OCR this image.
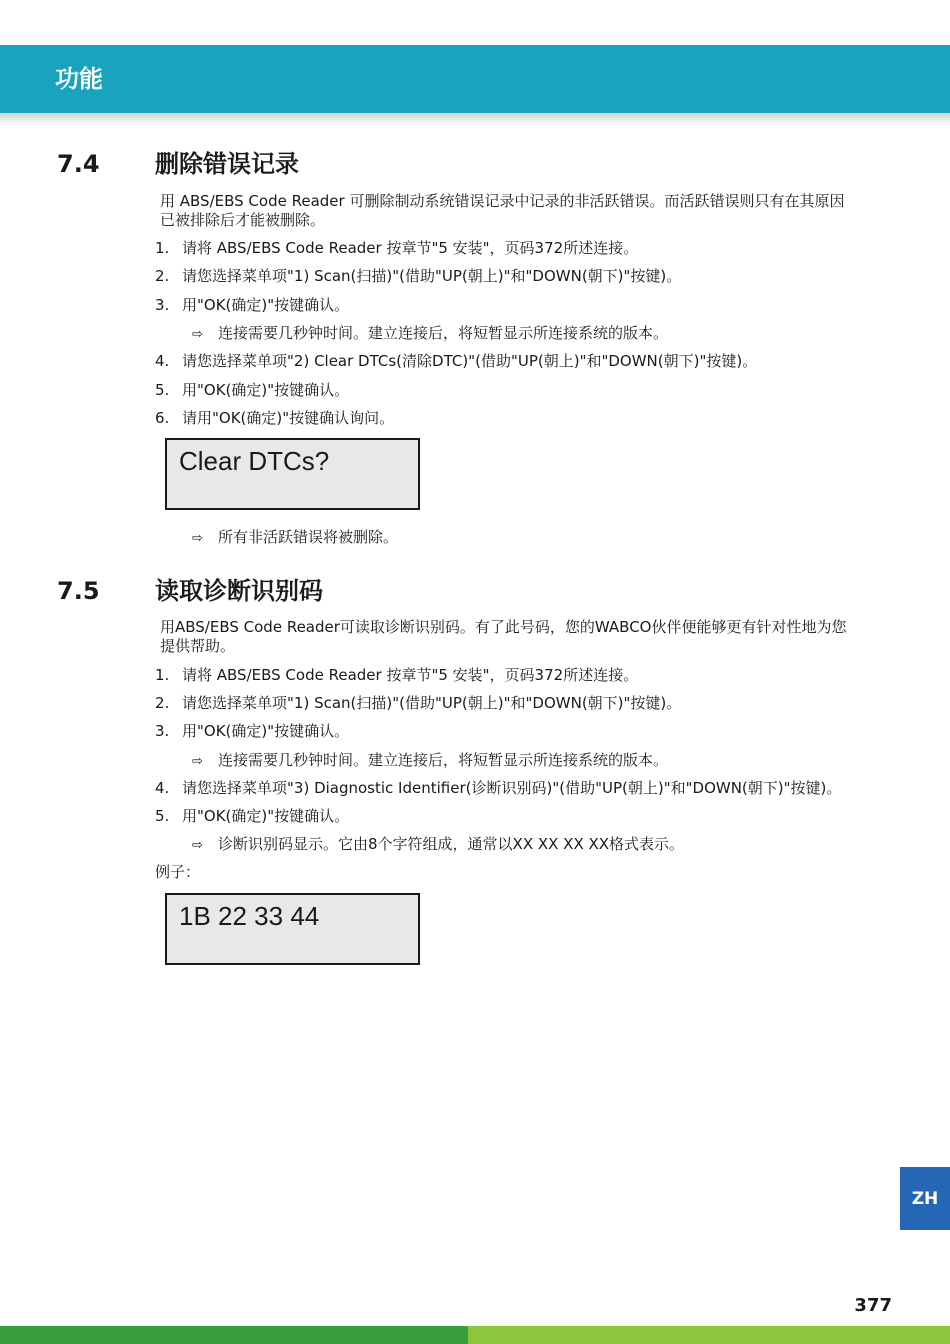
功能
7.4 删除错误记录
用 ABS/EBS Code Reader 可删除制动系统错误记录中记录的非活跃错误。而活跃错误则只有在其原因
已被排除后才能被删除。
1. 请将 ABS/EBS Code Reader 按章节"5 安装"，页码372所述连接。
2. 请您选择菜单项"1) Scan(扫描)"(借助"UP(朝上)"和"DOWN(朝下)"按键)。
3. 用"OK(确定)"按键确认。
⇨ 连接需要几秒钟时间。建立连接后，将短暂显示所连接系统的版本。
4. 请您选择菜单项"2) Clear DTCs(清除DTC)"(借助"UP(朝上)"和"DOWN(朝下)"按键)。
5. 用"OK(确定)"按键确认。
6. 请用"OK(确定)"按键确认询问。
Clear DTCs?
⇨ 所有非活跃错误将被删除。
7.5 读取诊断识别码
用ABS/EBS Code Reader可读取诊断识别码。有了此号码，您的WABCO伙伴便能够更有针对性地为您
提供帮助。
1. 请将 ABS/EBS Code Reader 按章节"5 安装"，页码372所述连接。
2. 请您选择菜单项"1) Scan(扫描)"(借助"UP(朝上)"和"DOWN(朝下)"按键)。
3. 用"OK(确定)"按键确认。
⇨ 连接需要几秒钟时间。建立连接后，将短暂显示所连接系统的版本。
4. 请您选择菜单项"3) Diagnostic Identifier(诊断识别码)"(借助"UP(朝上)"和"DOWN(朝下)"按键)。
5. 用"OK(确定)"按键确认。
⇨ 诊断识别码显示。它由8个字符组成，通常以XX XX XX XX格式表示。
例子：
1B 22 33 44
ZH
377
